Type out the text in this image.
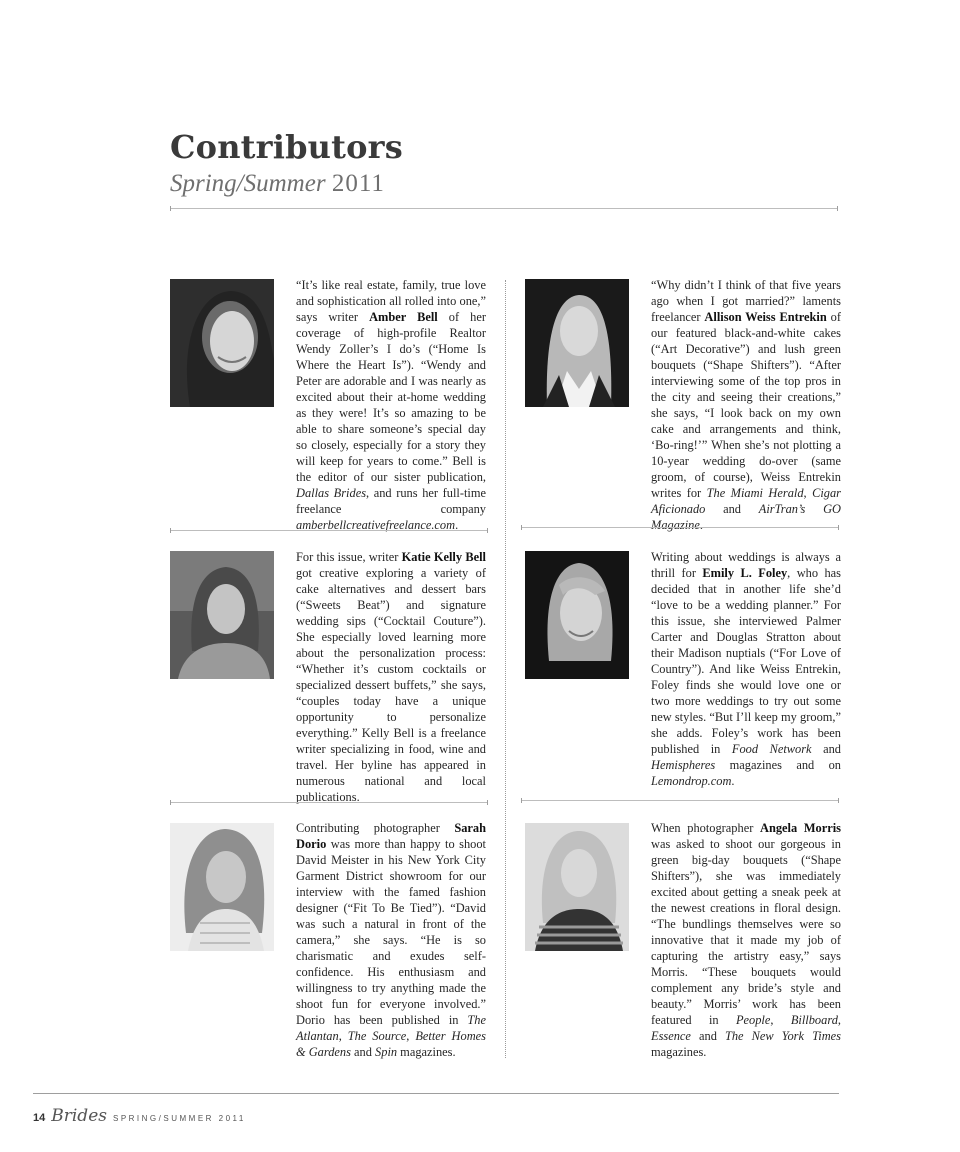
Contributors
Spring/Summer 2011
“It’s like real estate, family, true love and sophistication all rolled into one,” says writer Amber Bell of her coverage of high-profile Realtor Wendy Zoller’s I do’s (“Home Is Where the Heart Is”). “Wendy and Peter are adorable and I was nearly as excited about their at-home wedding as they were! It’s so amazing to be able to share someone’s special day so closely, especially for a story they will keep for years to come.” Bell is the editor of our sister publication, Dallas Brides, and runs her full-time freelance company amberbellcreativefreelance.com.
“Why didn’t I think of that five years ago when I got married?” laments freelancer Allison Weiss Entrekin of our featured black-and-white cakes (“Art Decorative”) and lush green bouquets (“Shape Shifters”). “After interviewing some of the top pros in the city and seeing their creations,” she says, “I look back on my own cake and arrangements and think, ‘Bo-ring!’” When she’s not plotting a 10-year wedding do-over (same groom, of course), Weiss Entrekin writes for The Miami Herald, Cigar Aficionado and AirTran’s GO Magazine.
For this issue, writer Katie Kelly Bell got creative exploring a variety of cake alternatives and dessert bars (“Sweets Beat”) and signature wedding sips (“Cocktail Couture”). She especially loved learning more about the personalization process: “Whether it’s custom cocktails or specialized dessert buffets,” she says, “couples today have a unique opportunity to personalize everything.” Kelly Bell is a freelance writer specializing in food, wine and travel. Her byline has appeared in numerous national and local publications.
Writing about weddings is always a thrill for Emily L. Foley, who has decided that in another life she’d “love to be a wedding planner.” For this issue, she interviewed Palmer Carter and Douglas Stratton about their Madison nuptials (“For Love of Country”). And like Weiss Entrekin, Foley finds she would love one or two more weddings to try out some new styles. “But I’ll keep my groom,” she adds. Foley’s work has been published in Food Network and Hemispheres magazines and on Lemondrop.com.
Contributing photographer Sarah Dorio was more than happy to shoot David Meister in his New York City Garment District showroom for our interview with the famed fashion designer (“Fit To Be Tied”). “David was such a natural in front of the camera,” she says. “He is so charismatic and exudes self-confidence. His enthusiasm and willingness to try anything made the shoot fun for everyone involved.” Dorio has been published in The Atlantan, The Source, Better Homes & Gardens and Spin magazines.
When photographer Angela Morris was asked to shoot our gorgeous in green big-day bouquets (“Shape Shifters”), she was immediately excited about getting a sneak peek at the newest creations in floral design. “The bundlings themselves were so innovative that it made my job of capturing the artistry easy,” says Morris. “These bouquets would complement any bride’s style and beauty.” Morris’ work has been featured in People, Billboard, Essence and The New York Times magazines.
14 Brides SPRING/SUMMER 2011
